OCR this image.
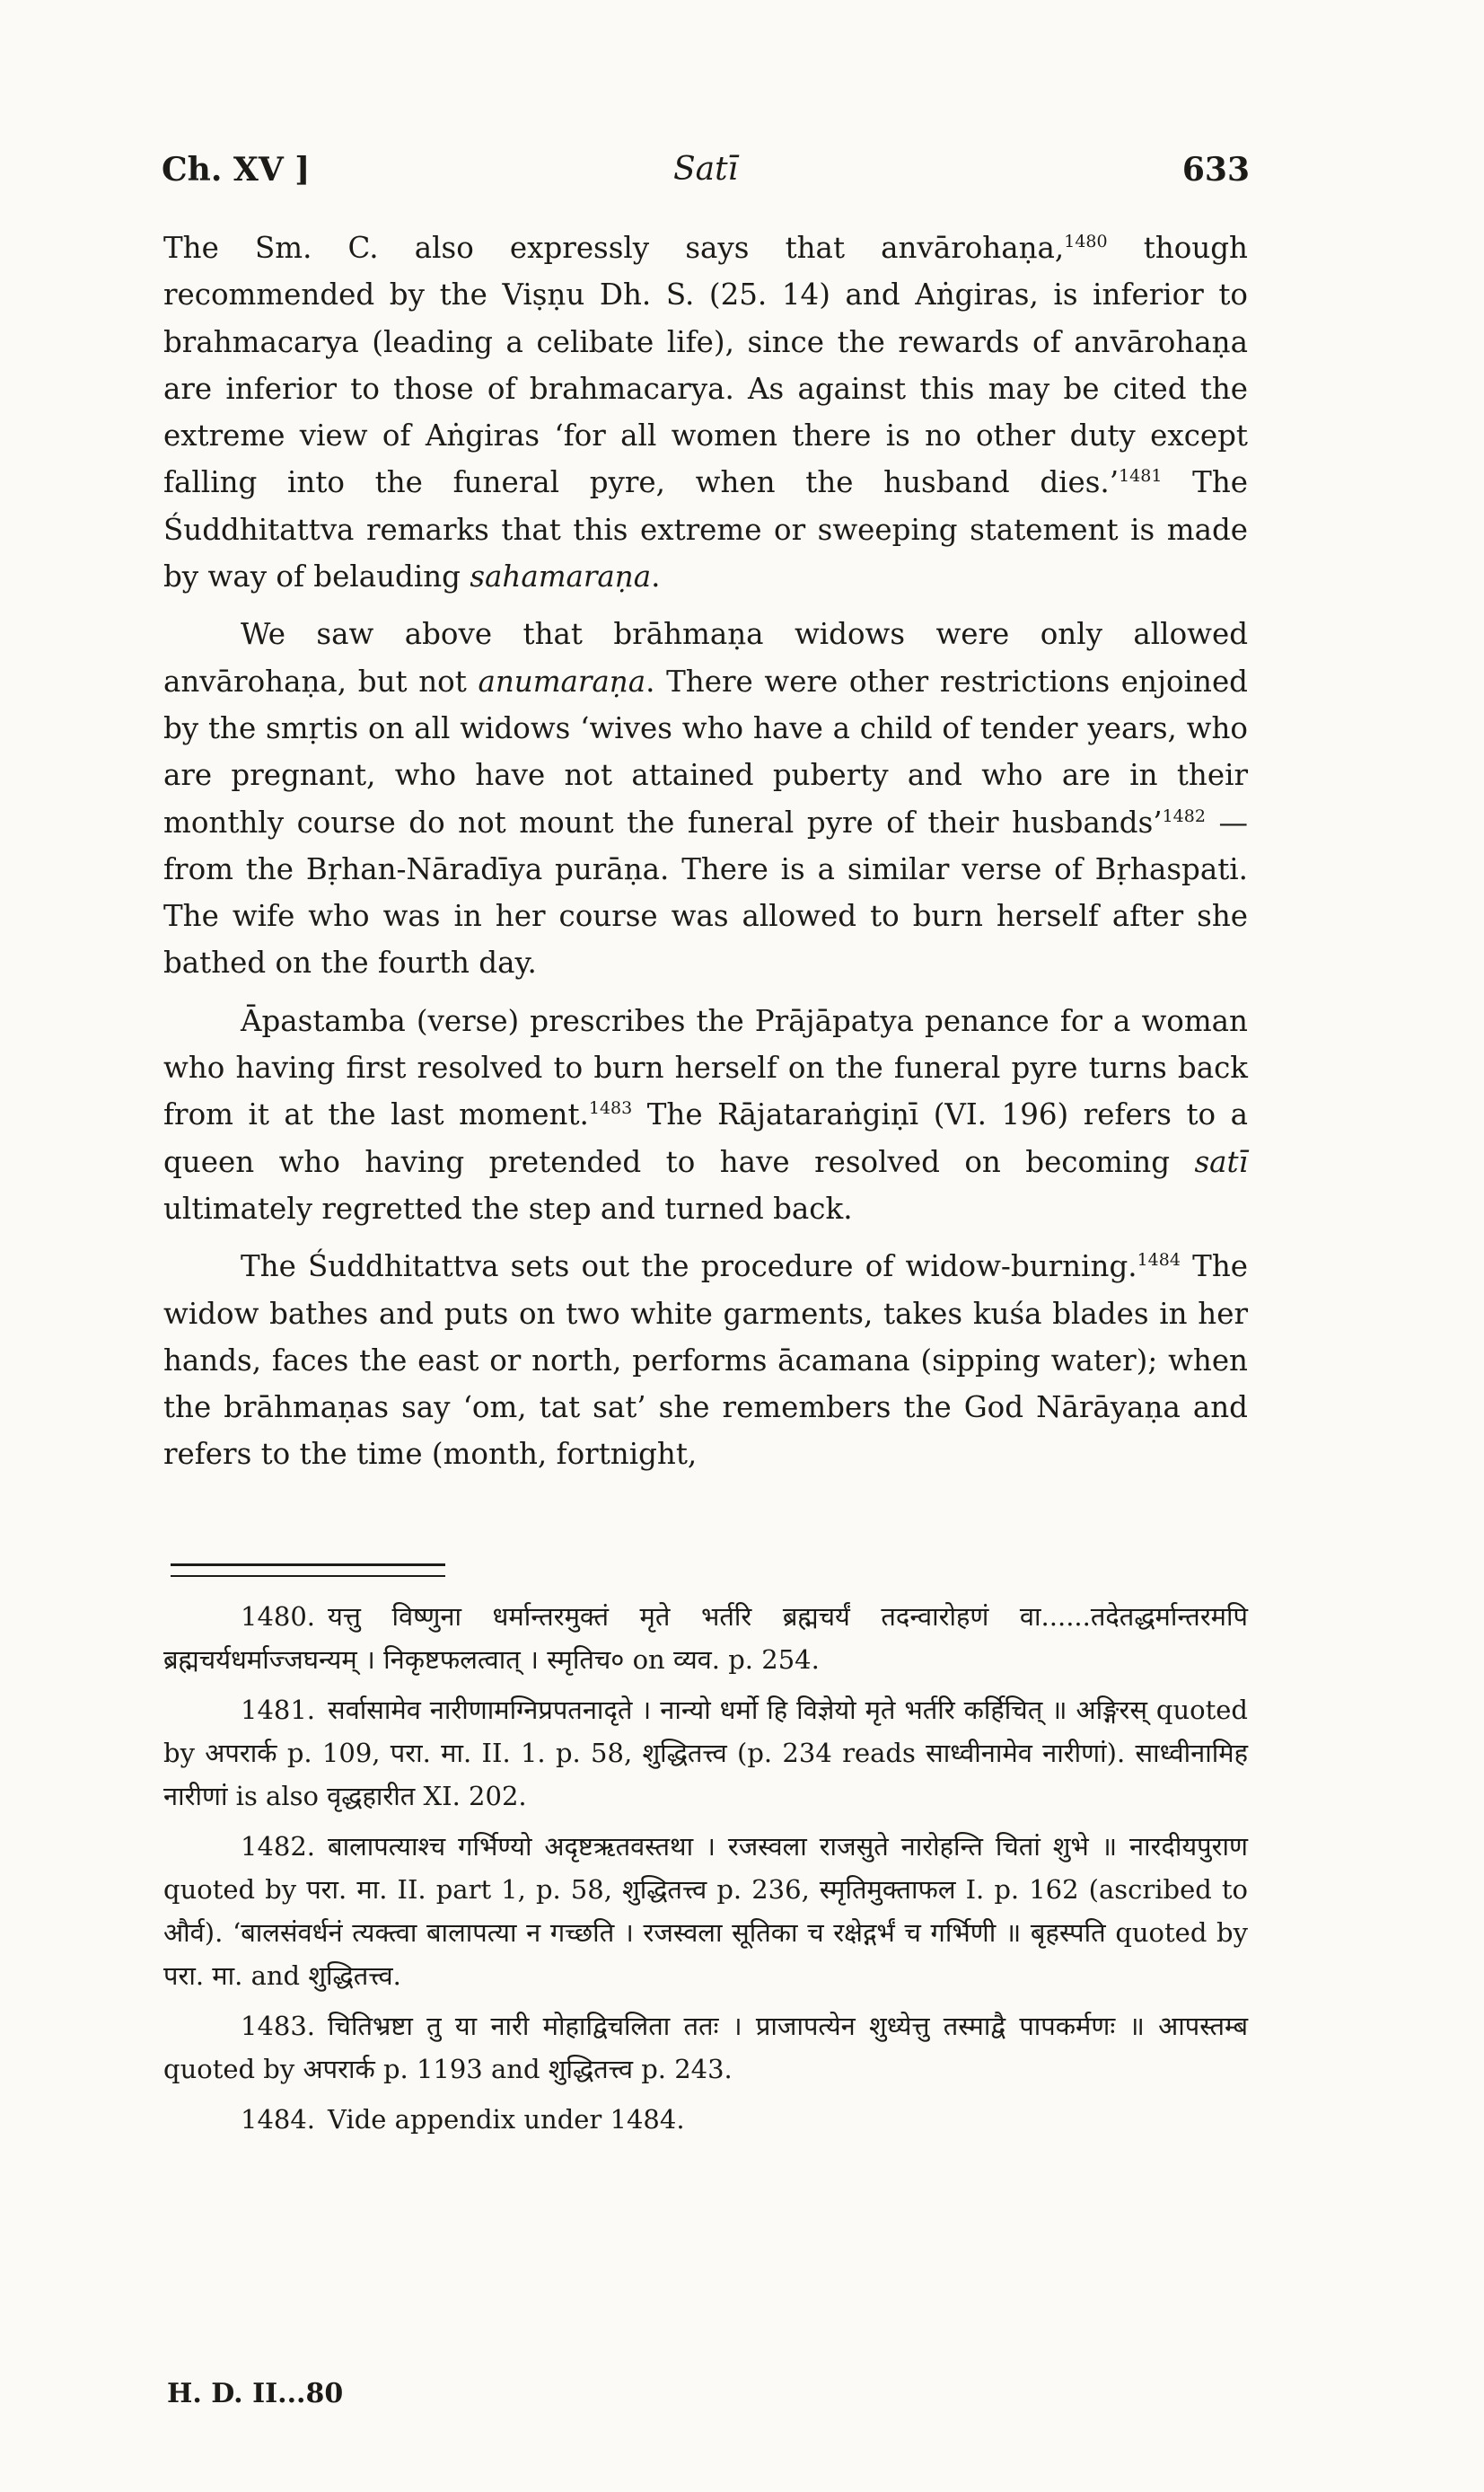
Ch. XV ]	Satī	633

The Sm. C. also expressly says that anvārohaṇa,$^{1480}$ though recommended by the Viṣṇu Dh. S. (25. 14) and Aṅgiras, is inferior to brahmacarya (leading a celibate life), since the rewards of anvārohaṇa are inferior to those of brahmacarya. As against this may be cited the extreme view of Aṅgiras ‘for all women there is no other duty except falling into the funeral pyre, when the husband dies.’$^{1481}$ The Śuddhitattva remarks that this extreme or sweeping statement is made by way of belauding sahamaraṇa.

We saw above that brāhmaṇa widows were only allowed anvārohaṇa, but not anumaraṇa. There were other restrictions enjoined by the smṛtis on all widows ‘wives who have a child of tender years, who are pregnant, who have not attained puberty and who are in their monthly course do not mount the funeral pyre of their husbands’$^{1482}$ — from the Bṛhan-Nāradīya purāṇa. There is a similar verse of Bṛhaspati. The wife who was in her course was allowed to burn herself after she bathed on the fourth day.

Āpastamba (verse) prescribes the Prājāpatya penance for a woman who having first resolved to burn herself on the funeral pyre turns back from it at the last moment.$^{1483}$ The Rājataraṅgiṇī (VI. 196) refers to a queen who having pretended to have resolved on becoming satī ultimately regretted the step and turned back.

The Śuddhitattva sets out the procedure of widow-burning.$^{1484}$ The widow bathes and puts on two white garments, takes kuśa blades in her hands, faces the east or north, performs ācamana (sipping water); when the brāhmaṇas say ‘om, tat sat’ she remembers the God Nārāyaṇa and refers to the time (month, fortnight,

1480. यत्तु विष्णुना धर्मान्तरमुक्तं मृते भर्तरि ब्रह्मचर्यं तदन्वारोहणं वा......तदेतद्धर्मान्तरमपि ब्रह्मचर्यधर्माज्जघन्यम् । निकृष्टफलत्वात् । स्मृतिच० on व्यव. p. 254.

1481. सर्वासामेव नारीणामग्निप्रपतनादृते । नान्यो धर्मो हि विज्ञेयो मृते भर्तरि कर्हिचित् ॥ अङ्गिरस् quoted by अपरार्क p. 109, परा. मा. II. 1. p. 58, शुद्धितत्त्व (p. 234 reads साध्वीनामेव नारीणां). साध्वीनामिह नारीणां is also वृद्धहारीत XI. 202.

1482. बालापत्याश्च गर्भिण्यो अदृष्टऋतवस्तथा । रजस्वला राजसुते नारोहन्ति चितां शुभे ॥ नारदीयपुराण quoted by परा. मा. II. part 1, p. 58, शुद्धितत्त्व p. 236, स्मृतिमुक्ताफल I. p. 162 (ascribed to और्व). ‘बालसंवर्धनं त्यक्त्वा बालापत्या न गच्छति । रजस्वला सूतिका च रक्षेद्गर्भं च गर्भिणी ॥ बृहस्पति quoted by परा. मा. and शुद्धितत्त्व.

1483. चितिभ्रष्टा तु या नारी मोहाद्विचलिता ततः । प्राजापत्येन शुध्येत्तु तस्माद्वै पापकर्मणः ॥ आपस्तम्ब quoted by अपरार्क p. 1193 and शुद्धितत्त्व p. 243.

1484. Vide appendix under 1484.

H. D. II...80
